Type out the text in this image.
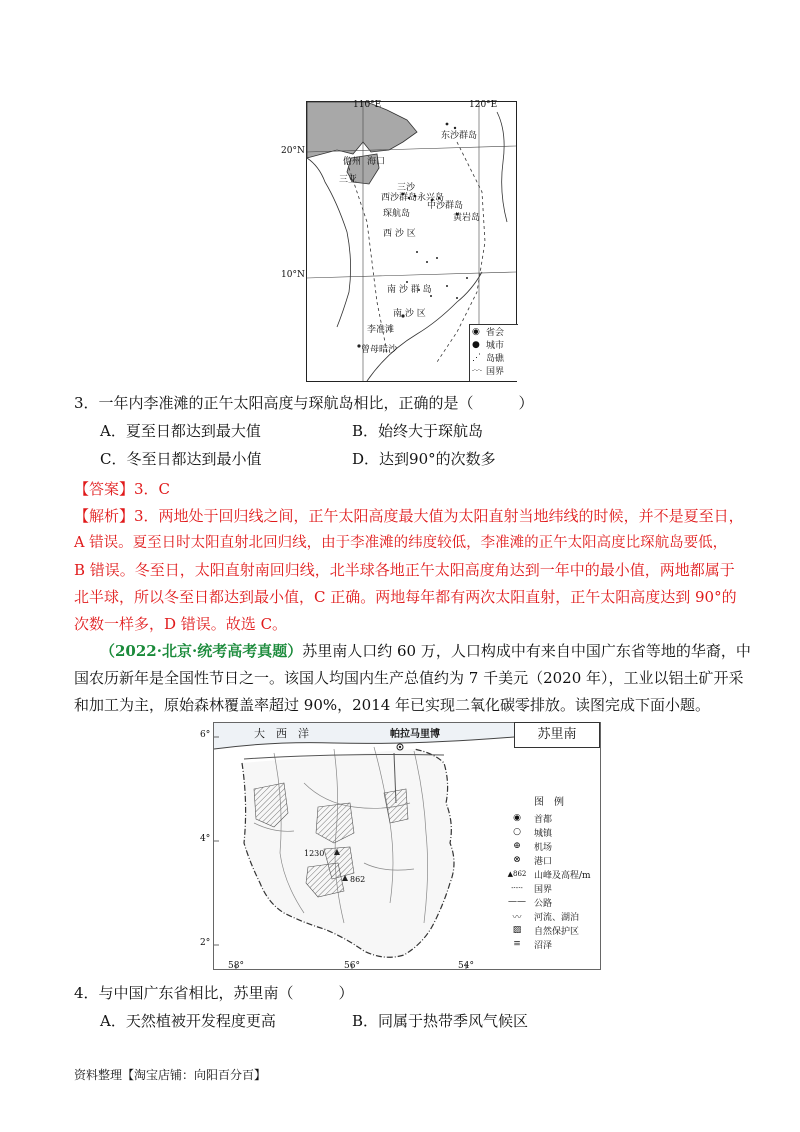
110°E	120°E
20°N
10°N
东沙群岛
儋州 海口
三亚
三沙
西沙群岛 永兴岛
中沙群岛
琛航岛	黄岩岛
西 沙 区
南 沙 群 岛
南 沙 区
李准滩
曾母暗沙
◉ 省会
● 城市
⋰ 岛礁
-·-·- 国界
3．一年内李准滩的正午太阳高度与琛航岛相比，正确的是（　　　）
A．夏至日都达到最大值	B．始终大于琛航岛
C．冬至日都达到最小值	D．达到90°的次数多
【答案】3．C
【解析】3．两地处于回归线之间，正午太阳高度最大值为太阳直射当地纬线的时候，并不是夏至日，
A 错误。夏至日时太阳直射北回归线，由于李准滩的纬度较低，李准滩的正午太阳高度比琛航岛要低，
B 错误。冬至日，太阳直射南回归线，北半球各地正午太阳高度角达到一年中的最小值，两地都属于
北半球，所以冬至日都达到最小值，C 正确。两地每年都有两次太阳直射，正午太阳高度达到 90°的
次数一样多，D 错误。故选 C。
（2022·北京·统考高考真题）苏里南人口约 60 万，人口构成中有来自中国广东省等地的华裔，中
国农历新年是全国性节日之一。该国人均国内生产总值约为 7 千美元（2020 年），工业以铝土矿开采
和加工为主，原始森林覆盖率超过 90%，2014 年已实现二氧化碳零排放。读图完成下面小题。
苏里南
大　西　洋	帕拉马里博
1230
862
图　例
◉	首都
○	城镇
⊕	机场
⊗	港口
▲862 山峰及高程/m
-·-·-	国界
—— 公路
〰	河流、湖泊
▨	自然保护区
≡	沼泽
6°
4°
2°
58°	56°	54°
4．与中国广东省相比，苏里南（　　　）
A．天然植被开发程度更高	B．同属于热带季风气候区
资料整理【淘宝店铺：向阳百分百】
